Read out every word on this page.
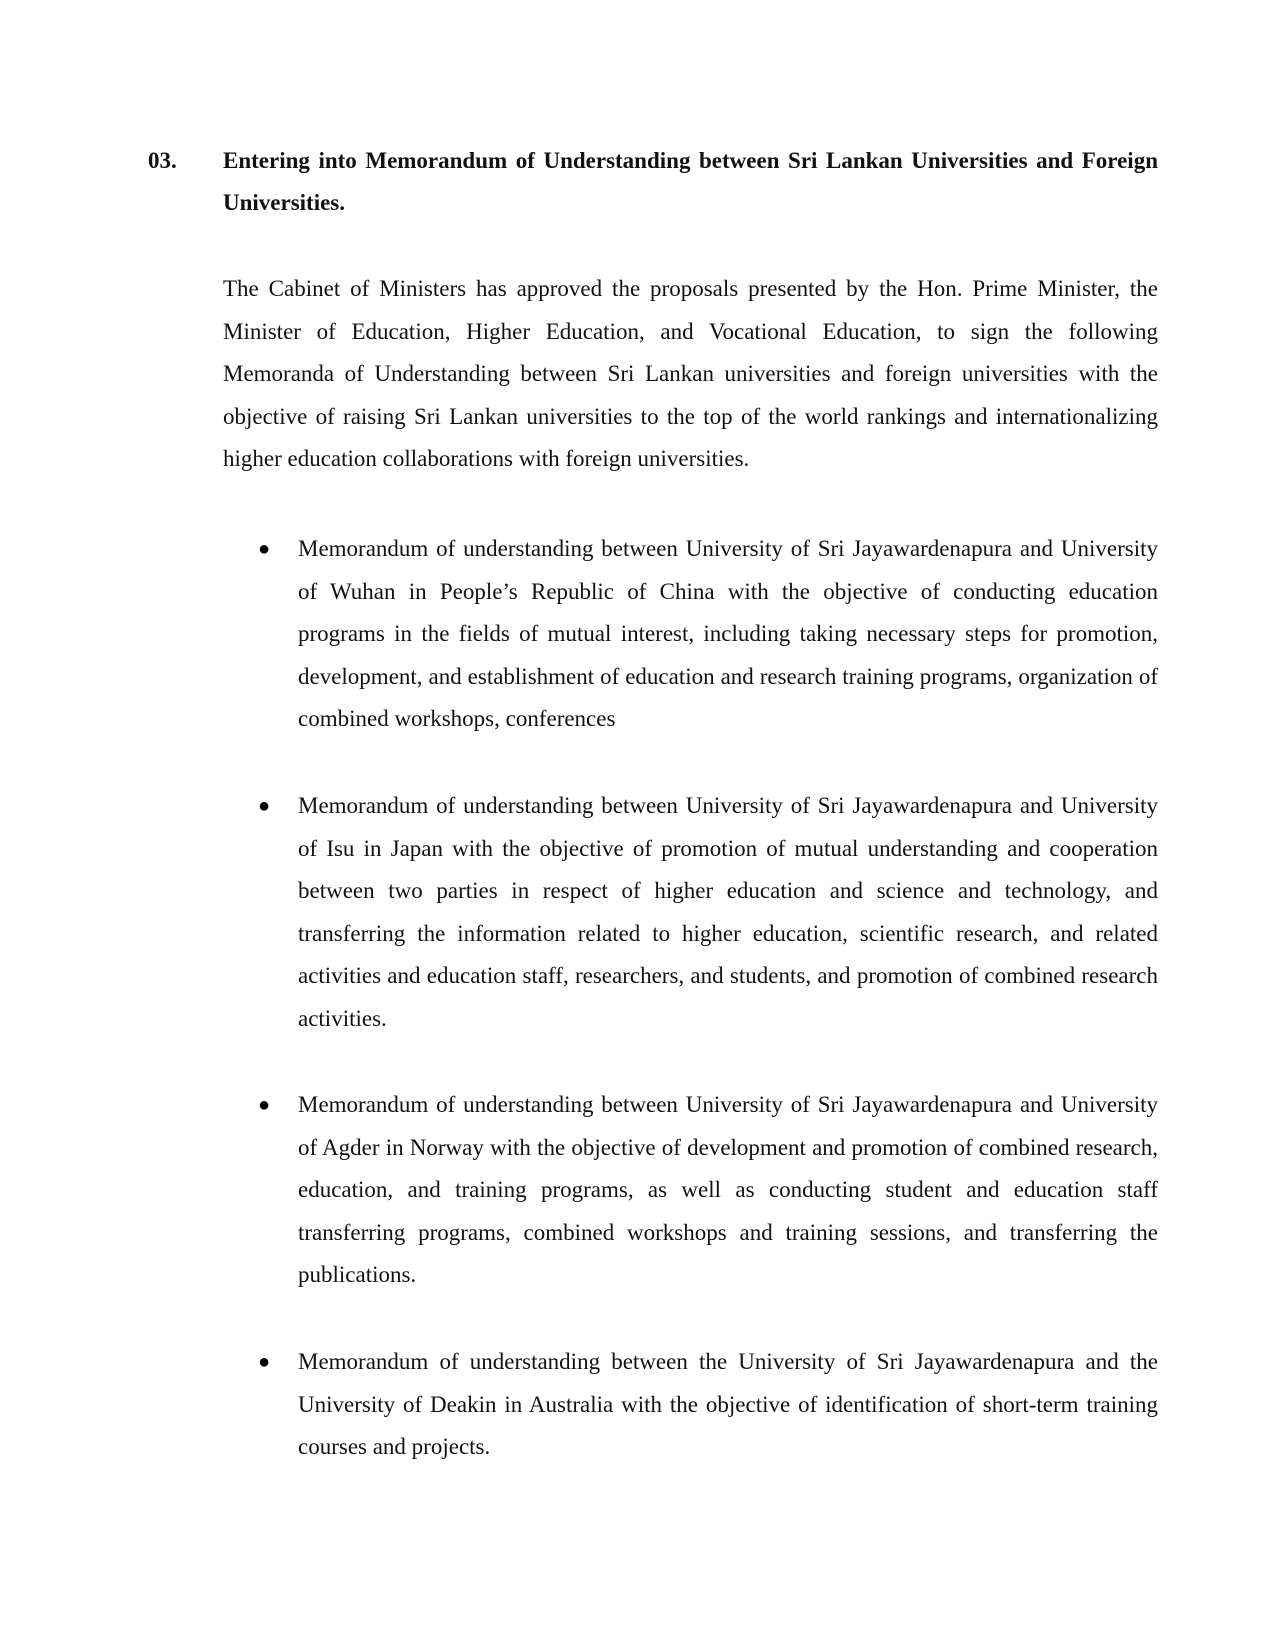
03.	Entering into Memorandum of Understanding between Sri Lankan Universities and Foreign Universities.

The Cabinet of Ministers has approved the proposals presented by the Hon. Prime Minister, the Minister of Education, Higher Education, and Vocational Education, to sign the following Memoranda of Understanding between Sri Lankan universities and foreign universities with the objective of raising Sri Lankan universities to the top of the world rankings and internationalizing higher education collaborations with foreign universities.

●	Memorandum of understanding between University of Sri Jayawardenapura and University of Wuhan in People’s Republic of China with the objective of conducting education programs in the fields of mutual interest, including taking necessary steps for promotion, development, and establishment of education and research training programs, organization of combined workshops, conferences
●	Memorandum of understanding between University of Sri Jayawardenapura and University of Isu in Japan with the objective of promotion of mutual understanding and cooperation between two parties in respect of higher education and science and technology, and transferring the information related to higher education, scientific research, and related activities and education staff, researchers, and students, and promotion of combined research activities.
●	Memorandum of understanding between University of Sri Jayawardenapura and University of Agder in Norway with the objective of development and promotion of combined research, education, and training programs, as well as conducting student and education staff transferring programs, combined workshops and training sessions, and transferring the publications.
●	Memorandum of understanding between the University of Sri Jayawardenapura and the University of Deakin in Australia with the objective of identification of short-term training courses and projects.
